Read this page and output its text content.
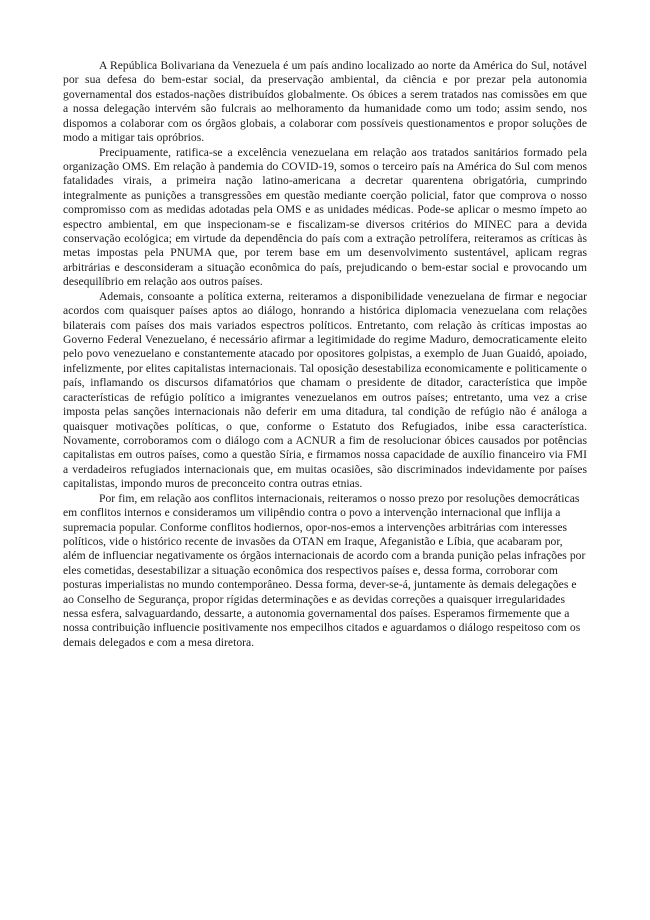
A República Bolivariana da Venezuela é um país andino localizado ao norte da América do Sul, notável por sua defesa do bem-estar social, da preservação ambiental, da ciência e por prezar pela autonomia governamental dos estados-nações distribuídos globalmente. Os óbices a serem tratados nas comissões em que a nossa delegação intervém são fulcrais ao melhoramento da humanidade como um todo; assim sendo, nos dispomos a colaborar com os órgãos globais, a colaborar com possíveis questionamentos e propor soluções de modo a mitigar tais opróbrios.

Precipuamente, ratifica-se a excelência venezuelana em relação aos tratados sanitários formado pela organização OMS. Em relação à pandemia do COVID-19, somos o terceiro país na América do Sul com menos fatalidades virais, a primeira nação latino-americana a decretar quarentena obrigatória, cumprindo integralmente as punições a transgressões em questão mediante coerção policial, fator que comprova o nosso compromisso com as medidas adotadas pela OMS e as unidades médicas. Pode-se aplicar o mesmo ímpeto ao espectro ambiental, em que inspecionam-se e fiscalizam-se diversos critérios do MINEC para a devida conservação ecológica; em virtude da dependência do país com a extração petrolífera, reiteramos as críticas às metas impostas pela PNUMA que, por terem base em um desenvolvimento sustentável, aplicam regras arbitrárias e desconsideram a situação econômica do país, prejudicando o bem-estar social e provocando um desequilíbrio em relação aos outros países.

Ademais, consoante a política externa, reiteramos a disponibilidade venezuelana de firmar e negociar acordos com quaisquer países aptos ao diálogo, honrando a histórica diplomacia venezuelana com relações bilaterais com países dos mais variados espectros políticos. Entretanto, com relação às críticas impostas ao Governo Federal Venezuelano, é necessário afirmar a legitimidade do regime Maduro, democraticamente eleito pelo povo venezuelano e constantemente atacado por opositores golpistas, a exemplo de Juan Guaidó, apoiado, infelizmente, por elites capitalistas internacionais. Tal oposição desestabiliza economicamente e politicamente o país, inflamando os discursos difamatórios que chamam o presidente de ditador, característica que impõe características de refúgio político a imigrantes venezuelanos em outros países; entretanto, uma vez a crise imposta pelas sanções internacionais não deferir em uma ditadura, tal condição de refúgio não é análoga a quaisquer motivações políticas, o que, conforme o Estatuto dos Refugiados, inibe essa característica. Novamente, corroboramos com o diálogo com a ACNUR a fim de resolucionar óbices causados por potências capitalistas em outros países, como a questão Síria, e firmamos nossa capacidade de auxílio financeiro via FMI a verdadeiros refugiados internacionais que, em muitas ocasiões, são discriminados indevidamente por países capitalistas, impondo muros de preconceito contra outras etnias.

Por fim, em relação aos conflitos internacionais, reiteramos o nosso prezo por resoluções democráticas em conflitos internos e consideramos um vilipêndio contra o povo a intervenção internacional que inflija a supremacia popular. Conforme conflitos hodiernos, opor-nos-emos a intervenções arbitrárias com interesses políticos, vide o histórico recente de invasões da OTAN em Iraque, Afeganistão e Líbia, que acabaram por, além de influenciar negativamente os órgãos internacionais de acordo com a branda punição pelas infrações por eles cometidas, desestabilizar a situação econômica dos respectivos países e, dessa forma, corroborar com posturas imperialistas no mundo contemporâneo. Dessa forma, dever-se-á, juntamente às demais delegações e ao Conselho de Segurança, propor rígidas determinações e as devidas correções a quaisquer irregularidades nessa esfera, salvaguardando, dessarte, a autonomia governamental dos países. Esperamos firmemente que a nossa contribuição influencie positivamente nos empecilhos citados e aguardamos o diálogo respeitoso com os demais delegados e com a mesa diretora.
